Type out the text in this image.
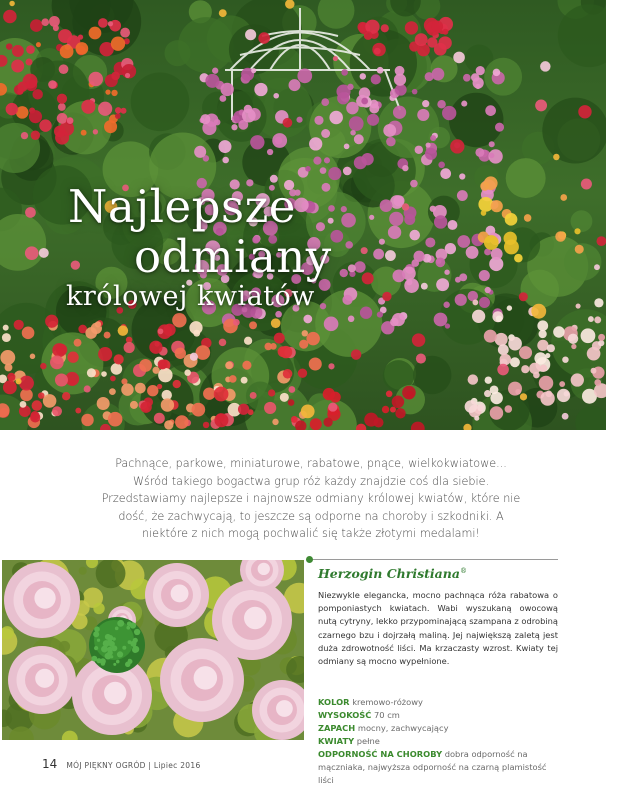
Najlepsze
odmiany
królowej kwiatów

Pachnące, parkowe, miniaturowe, rabatowe, pnące, wielkokwiatowe... Wśród takiego bogactwa grup róż każdy znajdzie coś dla siebie. Przedstawiamy najlepsze i najnowsze odmiany królowej kwiatów, które nie dość, że zachwycają, to jeszcze są odporne na choroby i szkodniki. A niektóre z nich mogą pochwalić się także złotymi medalami!

Herzogin Christiana®

Niezwykle elegancka, mocno pachnąca róża rabatowa o pomponiastych kwiatach. Wabi wyszukaną owocową nutą cytryny, lekko przypominającą szampana z odrobiną czarnego bzu i dojrzałą maliną. Jej największą zaletą jest duża zdrowotność liści. Ma krzaczasty wzrost. Kwiaty tej odmiany są mocno wypełnione.

KOLOR kremowo-różowy
WYSOKOŚĆ 70 cm
ZAPACH mocny, zachwycający
KWIATY pełne
ODPORNOŚĆ NA CHOROBY dobra odporność na mączniaka, najwyższa odporność na czarną plamistość liści
14 MÓJ PIĘKNY OGRÓD | Lipiec 2016
